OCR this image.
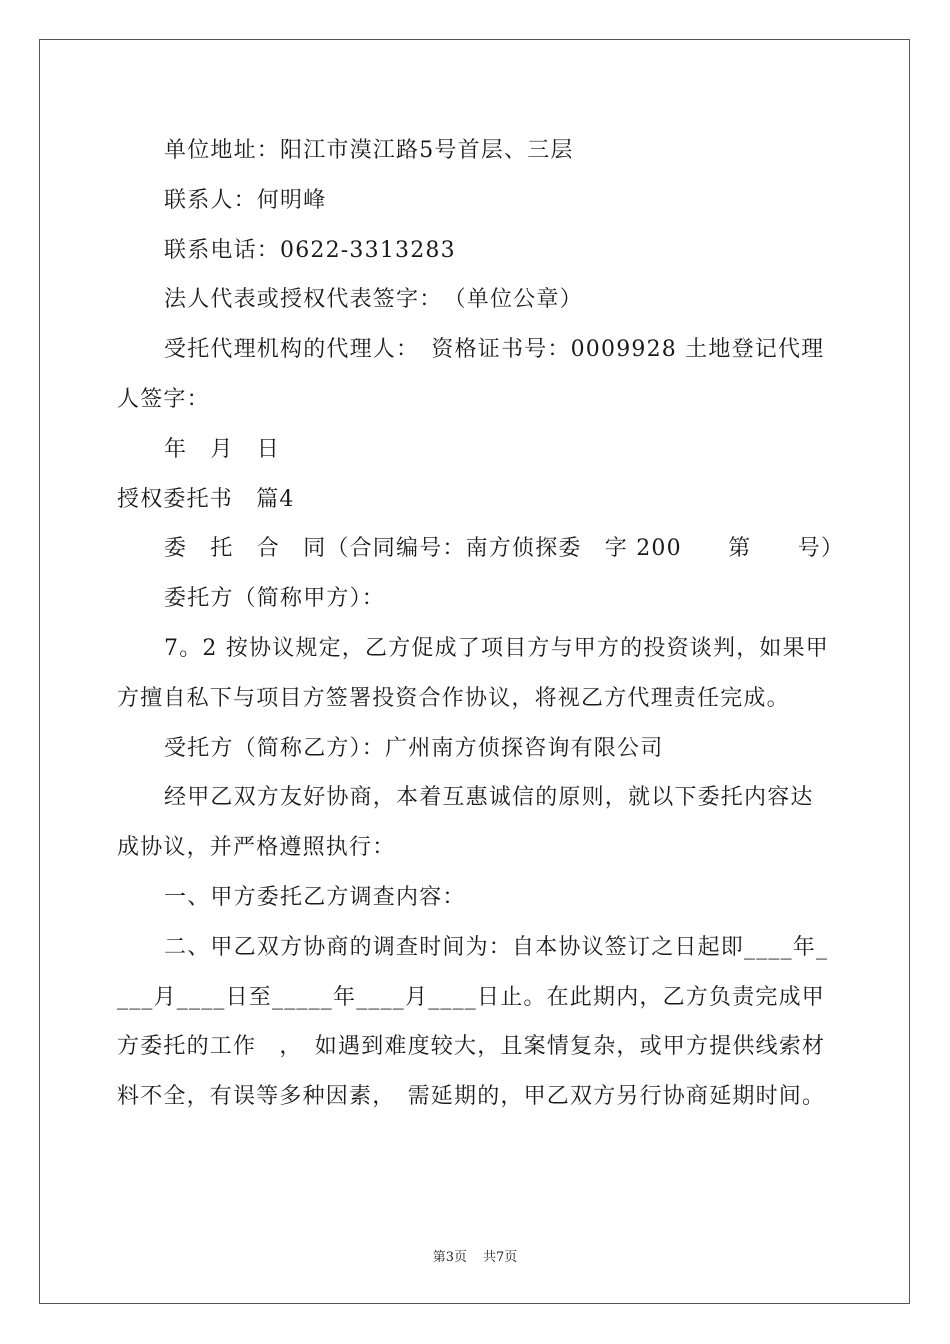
单位地址：阳江市漠江路5号首层、三层

联系人：何明峰

联系电话：0622-3313283

法人代表或授权代表签字：　（单位公章）

受托代理机构的代理人：　资格证书号：0009928 土地登记代理人签字：

年　月　日

授权委托书　篇4

委　托　合　同（合同编号：南方侦探委　字 200　　第　　号）

委托方（简称甲方）：

7。2 按协议规定，乙方促成了项目方与甲方的投资谈判，如果甲方擅自私下与项目方签署投资合作协议，将视乙方代理责任完成。

受托方（简称乙方）：广州南方侦探咨询有限公司

经甲乙双方友好协商，本着互惠诚信的原则，就以下委托内容达成协议，并严格遵照执行：

一、甲方委托乙方调查内容：

二、甲乙双方协商的调查时间为：自本协议签订之日起即____年____月____日至_____年____月____日止。在此期内，乙方负责完成甲方委托的工作　，　如遇到难度较大，且案情复杂，或甲方提供线索材料不全，有误等多种因素，　需延期的，甲乙双方另行协商延期时间。

第3页 共7页
